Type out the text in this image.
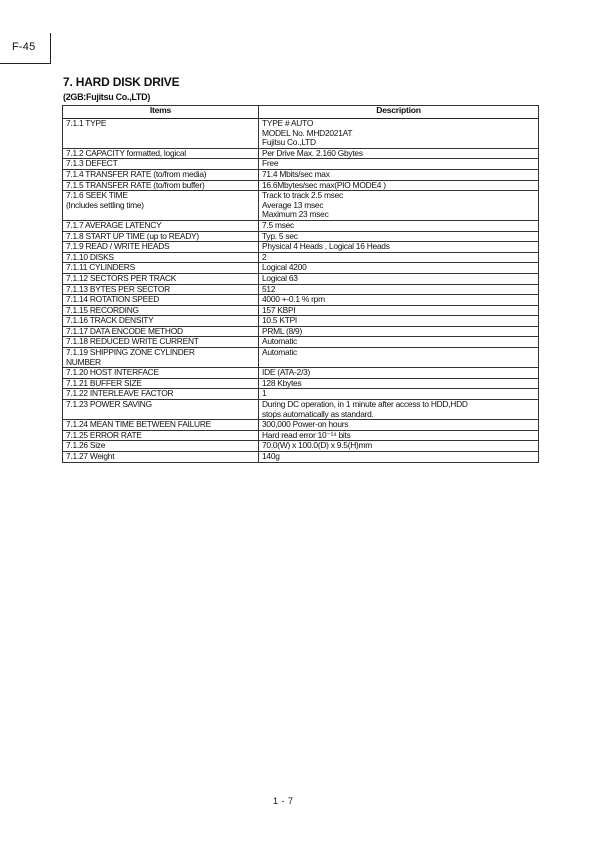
F-45
7. HARD DISK DRIVE
(2GB:Fujitsu Co.,LTD)
Items	Description
7.1.1 TYPE	TYPE # AUTO
MODEL No. MHD2021AT
Fujitsu Co.,LTD
7.1.2 CAPACITY formatted, logical	Per Drive Max. 2.160 Gbytes
7.1.3 DEFECT	Free
7.1.4 TRANSFER RATE (to/from media)	71.4 Mbits/sec max
7.1.5 TRANSFER RATE (to/from buffer)	16.6Mbytes/sec max(PIO MODE4 )
7.1.6 SEEK TIME
(Includes settling time)	Track to track 2.5 msec
Average 13 msec
Maximum 23 msec
7.1.7 AVERAGE LATENCY	7.5 msec
7.1.8 START UP TIME (up to READY)	Typ. 5 sec
7.1.9 READ / WRITE HEADS	Physical 4 Heads , Logical 16 Heads
7.1.10 DISKS	2
7.1.11 CYLINDERS	Logical 4200
7.1.12 SECTORS PER TRACK	Logical 63
7.1.13 BYTES PER SECTOR	512
7.1.14 ROTATION SPEED	4000 +-0.1 % rpm
7.1.15 RECORDING	157 KBPI
7.1.16 TRACK DENSITY	10.5 KTPI
7.1.17 DATA ENCODE METHOD	PRML (8/9)
7.1.18 REDUCED WRITE CURRENT	Automatic
7.1.19 SHIPPING ZONE CYLINDER
NUMBER	Automatic
7.1.20 HOST INTERFACE	IDE (ATA-2/3)
7.1.21 BUFFER SIZE	128 Kbytes
7.1.22 INTERLEAVE FACTOR	1
7.1.23 POWER SAVING	During DC operation, in 1 minute after access to HDD,HDD
stops automatically as standard.
7.1.24 MEAN TIME BETWEEN FAILURE	300,000 Power-on hours
7.1.25 ERROR RATE	Hard read error 10⁻¹⁴ bits
7.1.26 Size	70.0(W) x 100.0(D) x 9.5(H)mm
7.1.27 Weight	140g
1 - 7
